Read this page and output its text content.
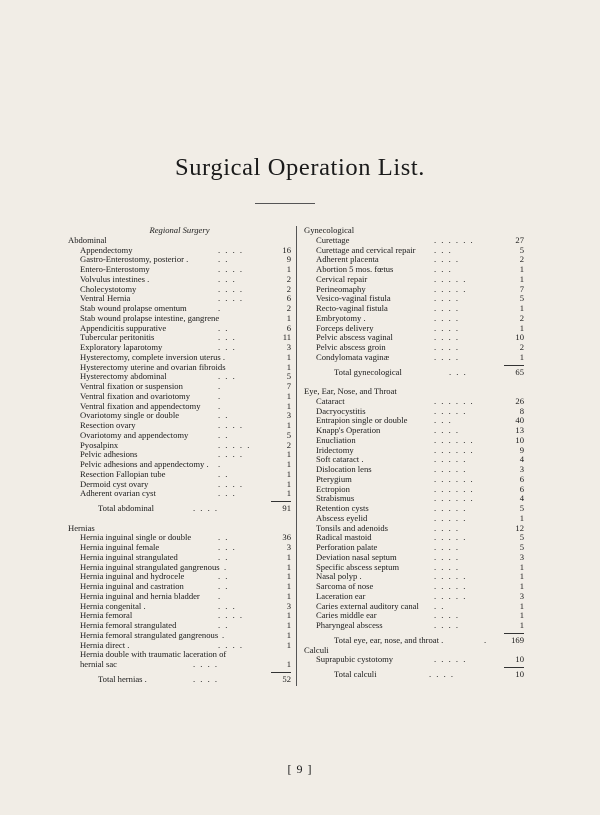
Surgical Operation List.
Regional Surgery
Abdominal
Appendectomy	. . . .	16
Gastro-Enterostomy, posterior .	. .	9
Entero-Enterostomy	. . . .	1
Volvulus intestines .	. . .	2
Cholecystotomy	. . . .	2
Ventral Hernia	. . . .	6
Stab wound prolapse omentum	.	2
Stab wound prolapse intestine, gangrene	1
Appendicitis suppurative	. .	6
Tubercular peritonitis	. . .	11
Exploratory laparotomy	. . .	3
Hysterectomy, complete inversion uterus .	1
Hysterectomy uterine and ovarian fibroids	1
Hysterectomy abdominal	. . .	5
Ventral fixation or suspension	.	7
Ventral fixation and ovariotomy	.	1
Ventral fixation and appendectomy .	1
Ovariotomy single or double	. .	3
Resection ovary	. . . .	1
Ovariotomy and appendectomy	. .	5
Pyosalpinx	. . . . .	2
Pelvic adhesions	. . . .	1
Pelvic adhesions and appendectomy . .	1
Resection Fallopian tube	. .	1
Dermoid cyst ovary	. . . .	1
Adherent ovarian cyst	. . .	1
Total abdominal	. . . .	91
Hernias
Hernia inguinal single or double	. .	36
Hernia inguinal female	. . .	3
Hernia inguinal strangulated	. .	1
Hernia inguinal strangulated gangrenous .	1
Hernia inguinal and hydrocele	. .	1
Hernia inguinal and castration	. .	1
Hernia inguinal and hernia bladder .	1
Hernia congenital .	. . .	3
Hernia femoral	. . . .	1
Hernia femoral strangulated	. .	1
Hernia femoral strangulated gangrenous .	1
Hernia direct .	. . . .	1
Hernia double with traumatic laceration of
hernial sac	. . . .	1
Total hernias .	. . . .	52
Gynecological
Curettage	. . . . . .	27
Curettage and cervical repair . . .	5
Adherent placenta	. . . .	2
Abortion 5 mos. fœtus	. . .	1
Cervical repair	. . . . .	1
Perineomaphy	. . . . .	7
Vesico-vaginal fistula	. . . .	5
Recto-vaginal fistula	. . . .	1
Embryotomy .	. . . .	2
Forceps delivery	. . . .	1
Pelvic abscess vaginal	. . . .	10
Pelvic abscess groin	. . . .	2
Condylomata vaginæ	. . . .	1
Total gynecological	. . .	65
Eye, Ear, Nose, and Throat
Cataract	. . . . . .	26
Dacryocystitis	. . . . .	8
Entrapion single or double	. . .	40
Knapp's Operation	. . . .	13
Enucliation	. . . . . .	10
Iridectomy	. . . . . .	9
Soft cataract .	. . . . .	4
Dislocation lens	. . . . .	3
Pterygium	. . . . . .	6
Ectropion	. . . . . .	6
Strabismus	. . . . . .	4
Retention cysts	. . . . .	5
Abscess eyelid	. . . . .	1
Tonsils and adenoids	. . . .	12
Radical mastoid	. . . . .	5
Perforation palate	. . . .	5
Deviation nasal septum	. . . .	3
Specific abscess septum	. . . .	1
Nasal polyp .	. . . . .	1
Sarcoma of nose	. . . . .	1
Laceration ear	. . . . .	3
Caries external auditory canal . .	1
Caries middle ear	. . . .	1
Pharyngeal abscess	. . . .	1
Total eye, ear, nose, and throat .	.	169
Calculi
Suprapubic cystotomy	. . . . .	10
Total calculi	. . . .	10
[ 9 ]
